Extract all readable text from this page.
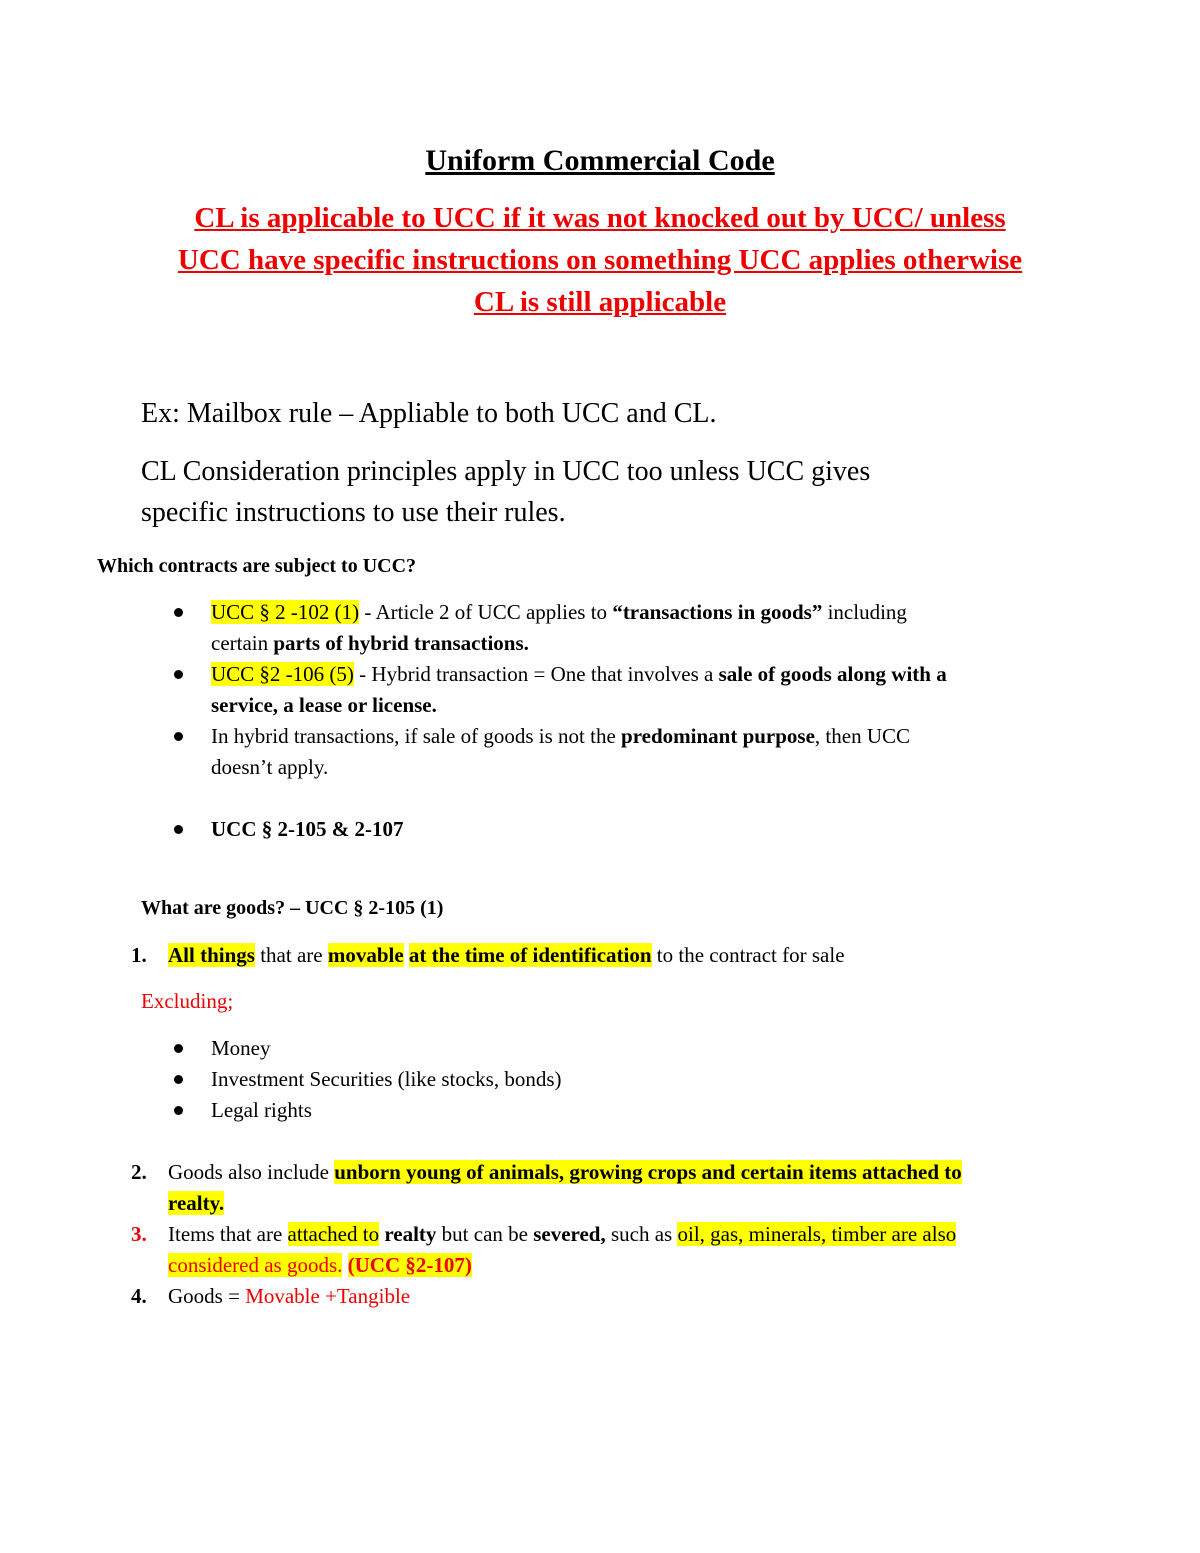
Uniform Commercial Code
CL is applicable to UCC if it was not knocked out by UCC/ unless
UCC have specific instructions on something UCC applies otherwise
CL is still applicable
Ex: Mailbox rule – Appliable to both UCC and CL.
CL Consideration principles apply in UCC too unless UCC gives
specific instructions to use their rules.
Which contracts are subject to UCC?
UCC § 2 -102 (1) - Article 2 of UCC applies to “transactions in goods” including
certain parts of hybrid transactions.
UCC §2 -106 (5) - Hybrid transaction = One that involves a sale of goods along with a
service, a lease or license.
In hybrid transactions, if sale of goods is not the predominant purpose, then UCC
doesn’t apply.
UCC § 2-105 & 2-107
What are goods? – UCC § 2-105 (1)
1. All things that are movable at the time of identification to the contract for sale
Excluding;
Money
Investment Securities (like stocks, bonds)
Legal rights
2. Goods also include unborn young of animals, growing crops and certain items attached to
realty.
3. Items that are attached to realty but can be severed, such as oil, gas, minerals, timber are also
considered as goods. (UCC §2-107)
4. Goods = Movable +Tangible
